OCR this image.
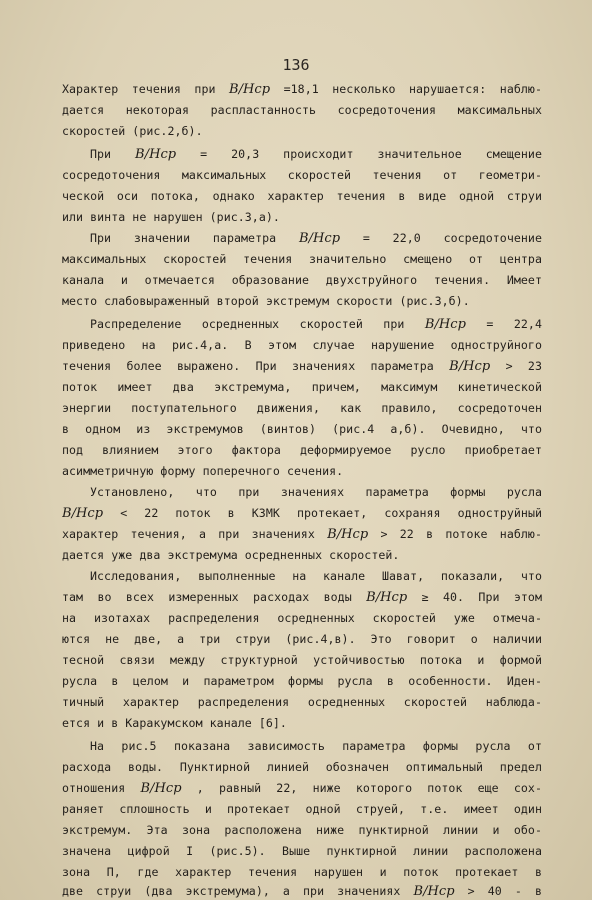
136
Характер течения при B/Hср =18,1 несколько нарушается: наблю-
дается некоторая распластанность сосредоточения максимальных
скоростей (рис.2,б).
При B/Hср = 20,3 происходит значительное смещение
сосредоточения максимальных скоростей течения от геометри-
ческой оси потока, однако характер течения в виде одной струи
или винта не нарушен (рис.3,а).
При значении параметра B/Hср = 22,0 сосредоточение
максимальных скоростей течения значительно смещено от центра
канала и отмечается образование двухструйного течения. Имеет
место слабовыраженный второй экстремум скорости (рис.3,б).
Распределение осредненных скоростей при B/Hср = 22,4
приведено на рис.4,а. В этом случае нарушение одноструйного
течения более выражено. При значениях параметра B/Hср > 23
поток имеет два экстремума, причем, максимум кинетической
энергии поступательного движения, как правило, сосредоточен
в одном из экстремумов (винтов) (рис.4 а,б). Очевидно, что
под влиянием этого фактора деформируемое русло приобретает
асимметричную форму поперечного сечения.
Установлено, что при значениях параметра формы русла
B/Hср < 22 поток в КЗМК протекает, сохраняя одноструйный
характер течения, а при значениях B/Hср > 22 в потоке наблю-
дается уже два экстремума осредненных скоростей.
Исследования, выполненные на канале Шават, показали, что
там во всех измеренных расходах воды B/Hср ≥ 40. При этом
на изотахах распределения осредненных скоростей уже отмеча-
ются не две, а три струи (рис.4,в). Это говорит о наличии
тесной связи между структурной устойчивостью потока и формой
русла в целом и параметром формы русла в особенности. Иден-
тичный характер распределения осредненных скоростей наблюда-
ется и в Каракумском канале [6].
На рис.5 показана зависимость параметра формы русла от
расхода воды. Пунктирной линией обозначен оптимальный предел
отношения B/Hср , равный 22, ниже которого поток еще сох-
раняет сплошность и протекает одной струей, т.е. имеет один
экстремум. Эта зона расположена ниже пунктирной линии и обо-
значена цифрой I (рис.5). Выше пунктирной линии расположена
зона П, где характер течения нарушен и поток протекает в
две струи (два экстремума), а при значениях B/Hср > 40 - в
